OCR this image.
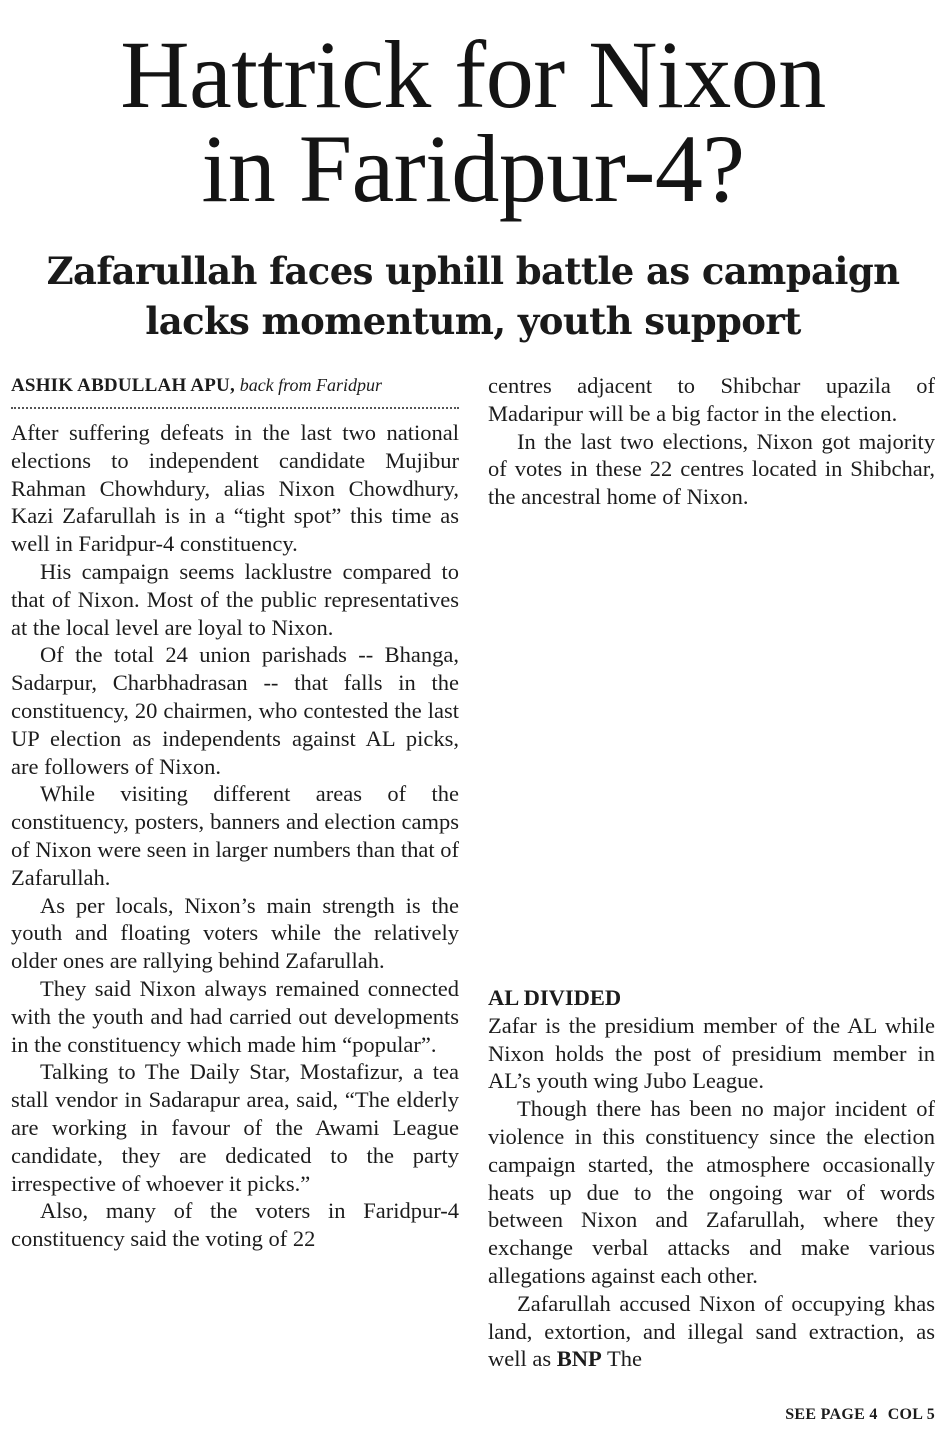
Hattrick for Nixon
in Faridpur-4?
Zafarullah faces uphill battle as campaign
lacks momentum, youth support
ASHIK ABDULLAH APU, back from Faridpur

After suffering defeats in the last two national elections to independent candidate Mujibur Rahman Chowhdury, alias Nixon Chowdhury, Kazi Zafarullah is in a “tight spot” this time as well in Faridpur-4 constituency.

His campaign seems lacklustre compared to that of Nixon. Most of the public representatives at the local level are loyal to Nixon.

Of the total 24 union parishads -- Bhanga, Sadarpur, Charbhadrasan -- that falls in the constituency, 20 chairmen, who contested the last UP election as independents against AL picks, are followers of Nixon.

While visiting different areas of the constituency, posters, banners and election camps of Nixon were seen in larger numbers than that of Zafarullah.

As per locals, Nixon’s main strength is the youth and floating voters while the relatively older ones are rallying behind Zafarullah.

They said Nixon always remained connected with the youth and had carried out developments in the constituency which made him “popular”.

Talking to The Daily Star, Mostafizur, a tea stall vendor in Sadarapur area, said, “The elderly are working in favour of the Awami League candidate, they are dedicated to the party irrespective of whoever it picks.”

Also, many of the voters in Faridpur-4 constituency said the voting of 22

centres adjacent to Shibchar upazila of Madaripur will be a big factor in the election.

In the last two elections, Nixon got majority of votes in these 22 centres located in Shibchar, the ancestral home of Nixon.

AL DIVIDED

Zafar is the presidium member of the AL while Nixon holds the post of presidium member in AL’s youth wing Jubo League.

Though there has been no major incident of violence in this constituency since the election campaign started, the atmosphere occasionally heats up due to the ongoing war of words between Nixon and Zafarullah, where they exchange verbal attacks and make various allegations against each other.

Zafarullah accused Nixon of occupying khas land, extortion, and illegal sand extraction, as well as BNP The

SEE PAGE 4 COL 5
